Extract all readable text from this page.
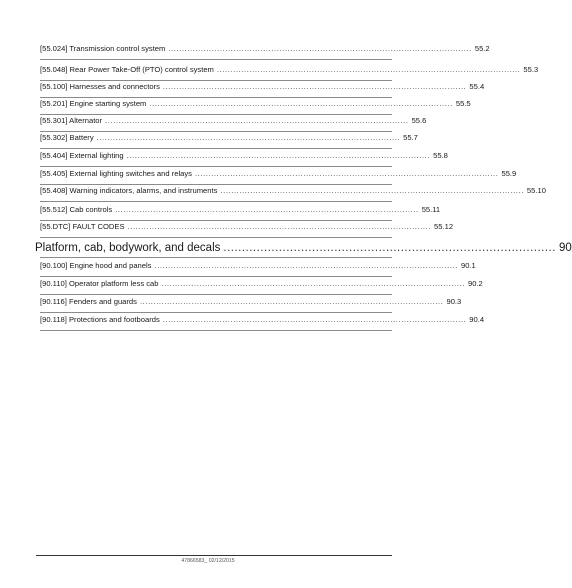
[55.024] Transmission control system ................................................................................................................ 55.2
[55.048] Rear Power Take-Off (PTO) control system ................................................................................................................ 55.3
[55.100] Harnesses and connectors ................................................................................................................ 55.4
[55.201] Engine starting system ................................................................................................................ 55.5
[55.301] Alternator ................................................................................................................ 55.6
[55.302] Battery ................................................................................................................ 55.7
[55.404] External lighting ................................................................................................................ 55.8
[55.405] External lighting switches and relays ................................................................................................................ 55.9
[55.408] Warning indicators, alarms, and instruments ................................................................................................................ 55.10
[55.512] Cab controls ................................................................................................................ 55.11
[55.DTC] FAULT CODES ................................................................................................................ 55.12
Platform, cab, bodywork, and decals .......................................................................................... 90
[90.100] Engine hood and panels ................................................................................................................ 90.1
[90.110] Operator platform less cab ................................................................................................................ 90.2
[90.116] Fenders and guards ................................................................................................................ 90.3
[90.118] Protections and footboards ................................................................................................................ 90.4
47866583_ 02/12/2015
